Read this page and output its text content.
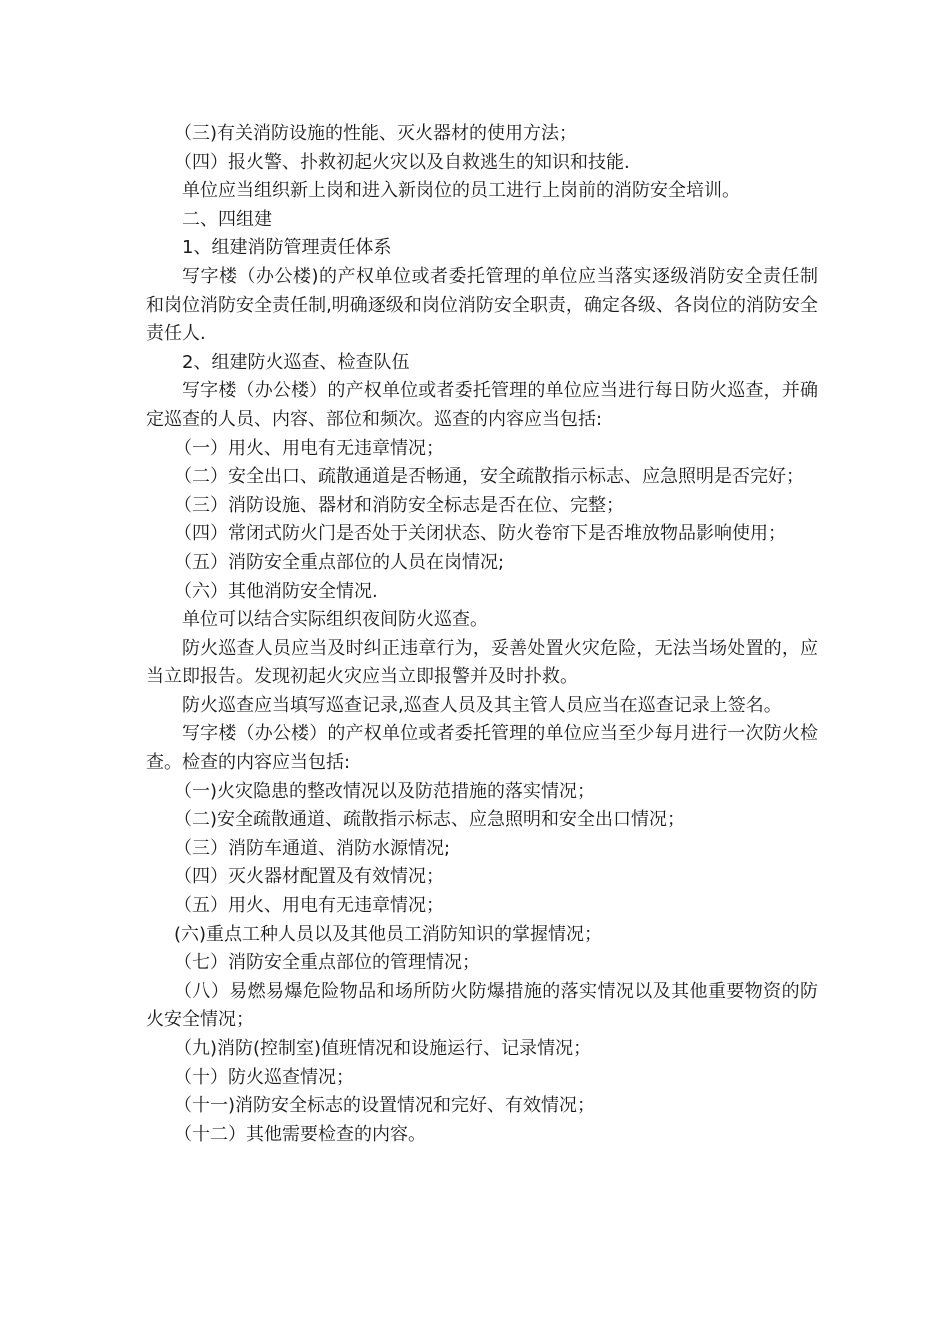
（三)有关消防设施的性能、灭火器材的使用方法；

（四）报火警、扑救初起火灾以及自救逃生的知识和技能.

单位应当组织新上岗和进入新岗位的员工进行上岗前的消防安全培训。

二、四组建

1、组建消防管理责任体系

写字楼（办公楼)的产权单位或者委托管理的单位应当落实逐级消防安全责任制和岗位消防安全责任制,明确逐级和岗位消防安全职责，确定各级、各岗位的消防安全责任人.

2、组建防火巡查、检查队伍

写字楼（办公楼）的产权单位或者委托管理的单位应当进行每日防火巡查，并确定巡查的人员、内容、部位和频次。巡查的内容应当包括:

（一）用火、用电有无违章情况；

（二）安全出口、疏散通道是否畅通，安全疏散指示标志、应急照明是否完好；

（三）消防设施、器材和消防安全标志是否在位、完整；

（四）常闭式防火门是否处于关闭状态、防火卷帘下是否堆放物品影响使用；

（五）消防安全重点部位的人员在岗情况;

（六）其他消防安全情况.

单位可以结合实际组织夜间防火巡查。

防火巡查人员应当及时纠正违章行为，妥善处置火灾危险，无法当场处置的，应当立即报告。发现初起火灾应当立即报警并及时扑救。

防火巡查应当填写巡查记录,巡查人员及其主管人员应当在巡查记录上签名。

写字楼（办公楼）的产权单位或者委托管理的单位应当至少每月进行一次防火检查。检查的内容应当包括:

（一)火灾隐患的整改情况以及防范措施的落实情况；

（二)安全疏散通道、疏散指示标志、应急照明和安全出口情况；

（三）消防车通道、消防水源情况;

（四）灭火器材配置及有效情况；

（五）用火、用电有无违章情况；

(六)重点工种人员以及其他员工消防知识的掌握情况；

（七）消防安全重点部位的管理情况；

（八）易燃易爆危险物品和场所防火防爆措施的落实情况以及其他重要物资的防火安全情况；

（九)消防(控制室)值班情况和设施运行、记录情况；

（十）防火巡查情况；

（十一)消防安全标志的设置情况和完好、有效情况；

（十二）其他需要检查的内容。
